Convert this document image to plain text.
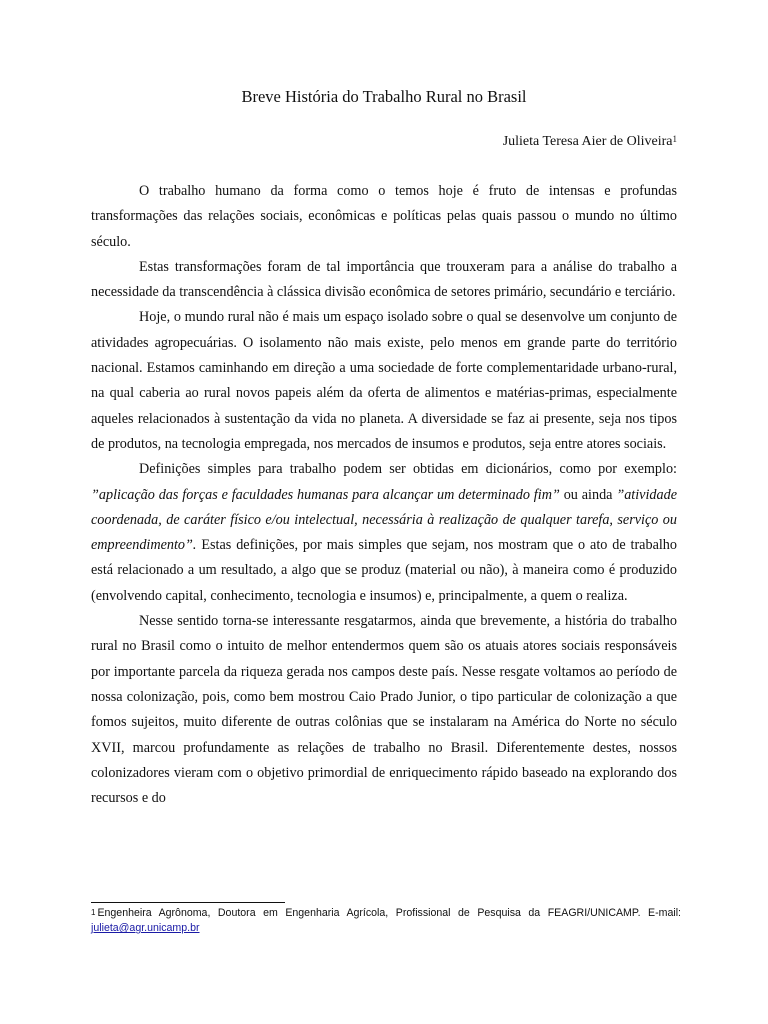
Breve História do Trabalho Rural no Brasil
Julieta Teresa Aier de Oliveira$^1$

O trabalho humano da forma como o temos hoje é fruto de intensas e profundas transformações das relações sociais, econômicas e políticas pelas quais passou o mundo no último século.

Estas transformações foram de tal importância que trouxeram para a análise do trabalho a necessidade da transcendência à clássica divisão econômica de setores primário, secundário e terciário.

Hoje, o mundo rural não é mais um espaço isolado sobre o qual se desenvolve um conjunto de atividades agropecuárias. O isolamento não mais existe, pelo menos em grande parte do território nacional. Estamos caminhando em direção a uma sociedade de forte complementaridade urbano-rural, na qual caberia ao rural novos papeis além da oferta de alimentos e matérias-primas, especialmente aqueles relacionados à sustentação da vida no planeta. A diversidade se faz ai presente, seja nos tipos de produtos, na tecnologia empregada, nos mercados de insumos e produtos, seja entre atores sociais.

Definições simples para trabalho podem ser obtidas em dicionários, como por exemplo: ”aplicação das forças e faculdades humanas para alcançar um determinado fim” ou ainda ”atividade coordenada, de caráter físico e/ou intelectual, necessária à realização de qualquer tarefa, serviço ou empreendimento”. Estas definições, por mais simples que sejam, nos mostram que o ato de trabalho está relacionado a um resultado, a algo que se produz (material ou não), à maneira como é produzido (envolvendo capital, conhecimento, tecnologia e insumos) e, principalmente, a quem o realiza.

Nesse sentido torna-se interessante resgatarmos, ainda que brevemente, a história do trabalho rural no Brasil como o intuito de melhor entendermos quem são os atuais atores sociais responsáveis por importante parcela da riqueza gerada nos campos deste país. Nesse resgate voltamos ao período de nossa colonização, pois, como bem mostrou Caio Prado Junior, o tipo particular de colonização a que fomos sujeitos, muito diferente de outras colônias que se instalaram na América do Norte no século XVII, marcou profundamente as relações de trabalho no Brasil. Diferentemente destes, nossos colonizadores vieram com o objetivo primordial de enriquecimento rápido baseado na explorando dos recursos e do

$^1$ Engenheira Agrônoma, Doutora em Engenharia Agrícola, Profissional de Pesquisa da FEAGRI/UNICAMP. E-mail: julieta@agr.unicamp.br
